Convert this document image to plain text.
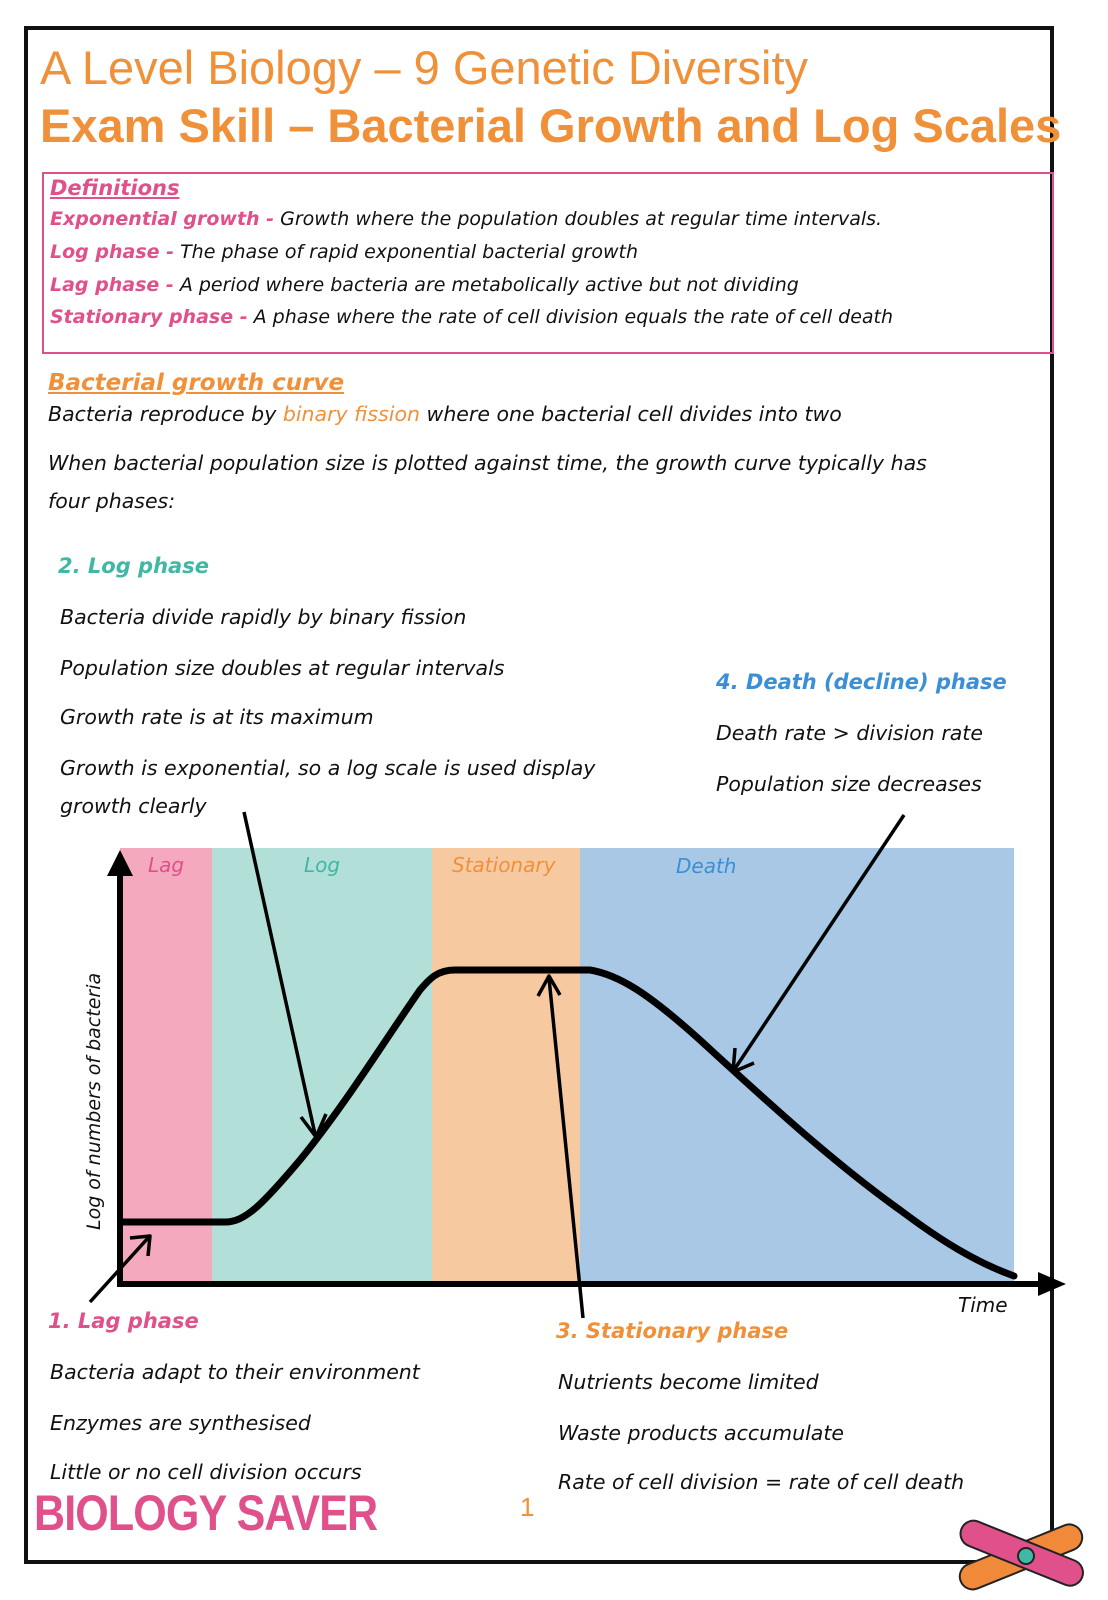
A Level Biology – 9 Genetic Diversity
Exam Skill – Bacterial Growth and Log Scales
Definitions
Exponential growth - Growth where the population doubles at regular time intervals.
Log phase - The phase of rapid exponential bacterial growth
Lag phase - A period where bacteria are metabolically active but not dividing
Stationary phase - A phase where the rate of cell division equals the rate of cell death
Bacterial growth curve
Bacteria reproduce by binary fission where one bacterial cell divides into two
When bacterial population size is plotted against time, the growth curve typically has
four phases:
2. Log phase
Bacteria divide rapidly by binary fission
Population size doubles at regular intervals
Growth rate is at its maximum
Growth is exponential, so a log scale is used display
growth clearly
4. Death (decline) phase
Death rate > division rate
Population size decreases
Lag	Log	Stationary	Death
Log of numbers of bacteria
Time
1. Lag phase
Bacteria adapt to their environment
Enzymes are synthesised
Little or no cell division occurs
3. Stationary phase
Nutrients become limited
Waste products accumulate
Rate of cell division = rate of cell death
BIOLOGY SAVER	1
